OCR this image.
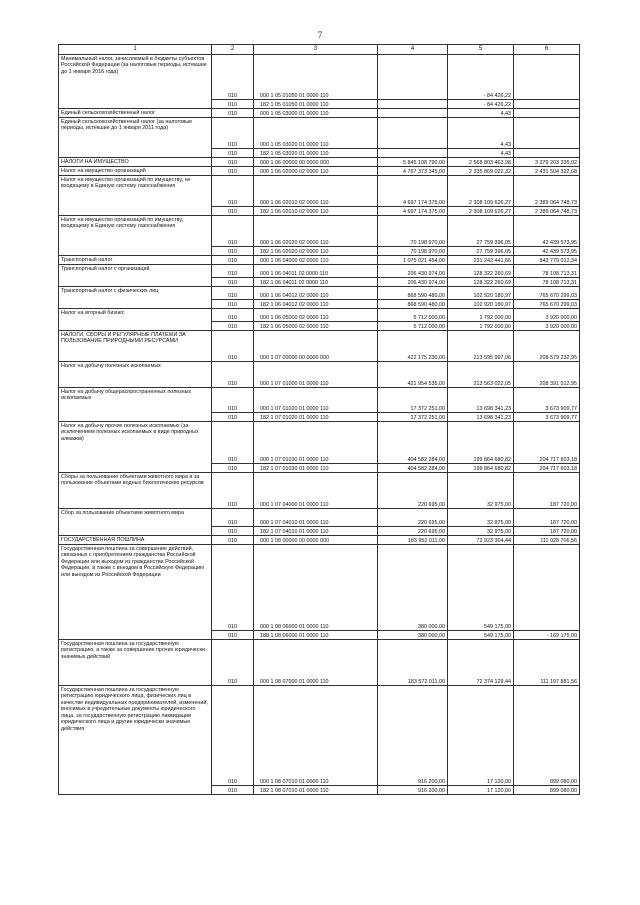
7
1	2	3	4	5	6
Минимальный налог, зачисляемый в бюджеты субъектов Российской Федерации (за налоговые периоды, истекшие до 1 января 2016 года)	010	000 1 05 01050 01 0000 110		- 84 426,22	
	010	182 1 05 01050 01 0000 110		- 84 426,22	
Единый сельскохозяйственный налог	010	000 1 05 03000 01 0000 110		4,43	
Единый сельскохозяйственный налог (за налоговые периоды, истекшие до 1 января 2011 года)	010	000 1 05 03020 01 0000 110		4,43	
	010	182 1 05 03020 01 0000 110		4,43	
НАЛОГИ НА ИМУЩЕСТВО	010	000 1 06 00000 00 0000 000	5 845 108 790,00	2 568 803 463,98	3 279 203 335,02
Налог на имущество организаций	010	000 1 06 02000 02 0000 110	4 767 373 345,00	2 335 869 022,32	2 431 504 322,68
Налог на имущество организаций по имуществу, не входящему в Единую систему газоснабжения	010	000 1 06 02010 02 0000 110	4 697 174 375,00	2 308 109 626,27	2 389 064 748,73
	010	182 1 06 02010 02 0000 110	4 697 174 375,00	2 308 109 626,27	2 389 064 748,73
Налог на имущество организаций по имуществу, входящему в Единую систему газоснабжения	010	000 1 06 02020 02 0000 110	70 198 970,00	27 759 396,05	42 439 573,95
	010	182 1 06 02020 02 0000 110	70 198 970,00	27 759 396,05	42 439 573,95
Транспортный налог	010	000 1 06 04000 02 0000 110	1 075 021 454,00	231 242 441,66	843 779 012,34
Транспортный налог с организаций	010	000 1 06 04011 02 0000 110	206 430 974,00	128 322 260,69	78 108 713,31
	010	182 1 06 04011 02 0000 110	206 430 974,00	128 322 260,69	78 108 713,31
Транспортный налог с физических лиц	010	000 1 06 04012 02 0000 110	868 590 480,00	102 920 180,97	765 670 299,03
	010	182 1 06 04012 02 0000 110	868 590 480,00	102 920 180,97	765 670 299,03
Налог на игорный бизнес	010	000 1 06 05000 02 0000 110	5 712 000,00	1 792 000,00	3 920 000,00
	010	182 1 06 05000 02 0000 110	5 712 000,00	1 792 000,00	3 920 000,00
НАЛОГИ, СБОРЫ И РЕГУЛЯРНЫЕ ПЛАТЕЖИ ЗА ПОЛЬЗОВАНИЕ ПРИРОДНЫМИ РЕСУРСАМИ	010	000 1 07 00000 00 0000 000	422 175 230,00	213 595 997,06	208 579 232,95
Налог на добычу полезных ископаемых	010	000 1 07 01000 01 0000 110	421 954 535,00	213 563 022,05	208 391 512,95
Налог на добычу общераспространенных полезных ископаемых	010	000 1 07 01020 01 0000 110	17 372 251,00	13 698 341,23	3 673 909,77
	010	182 1 07 01020 01 0000 110	17 372 251,00	13 698 341,23	3 673 909,77
Налог на добычу прочих полезных ископаемых (за исключением полезных ископаемых в виде природных алмазов)	010	000 1 07 01030 01 0000 110	404 582 284,00	199 864 680,82	204 717 603,18
	010	182 1 07 01030 01 0000 110	404 582 284,00	199 864 680,82	204 717 603,18
Сборы за пользование объектами животного мира и за пользование объектами водных биологических ресурсов	010	000 1 07 04000 01 0000 110	220 695,00	32 975,00	187 720,00
Сбор за пользование объектами животного мира	010	000 1 07 04010 01 0000 110	220 695,00	32 975,00	187 720,00
	010	182 1 07 04010 01 0000 110	220 695,00	32 975,00	187 720,00
ГОСУДАРСТВЕННАЯ ПОШЛИНА	010	000 1 08 00000 00 0000 000	183 952 011,00	72 923 304,44	111 028 706,56
Государственная пошлина за совершение действий, связанных с приобретением гражданства Российской Федерации или выходом из гражданства Российской Федерации, а также с въездом в Российскую Федерацию или выездом из Российской Федерации	010	000 1 08 06000 01 0000 110	380 000,00	549 175,00	
	010	188 1 08 06000 01 0000 110	380 000,00	549 175,00	- 169 175,00
Государственная пошлина за государственную регистрацию, а также за совершение прочих юридически значимых действий	010	000 1 08 07000 01 0000 110	183 572 011,00	72 374 129,44	111 197 881,56
Государственная пошлина за государственную регистрацию юридического лица, физических лиц в качестве индивидуальных предпринимателей, изменений, вносимых в учредительные документы юридического лица, за государственную регистрацию ликвидации юридического лица и другие юридически значимые действия	010	000 1 08 07010 01 0000 110	916 200,00	17 120,00	899 080,00
	010	182 1 08 07010 01 0000 110	916 200,00	17 120,00	899 080,00
